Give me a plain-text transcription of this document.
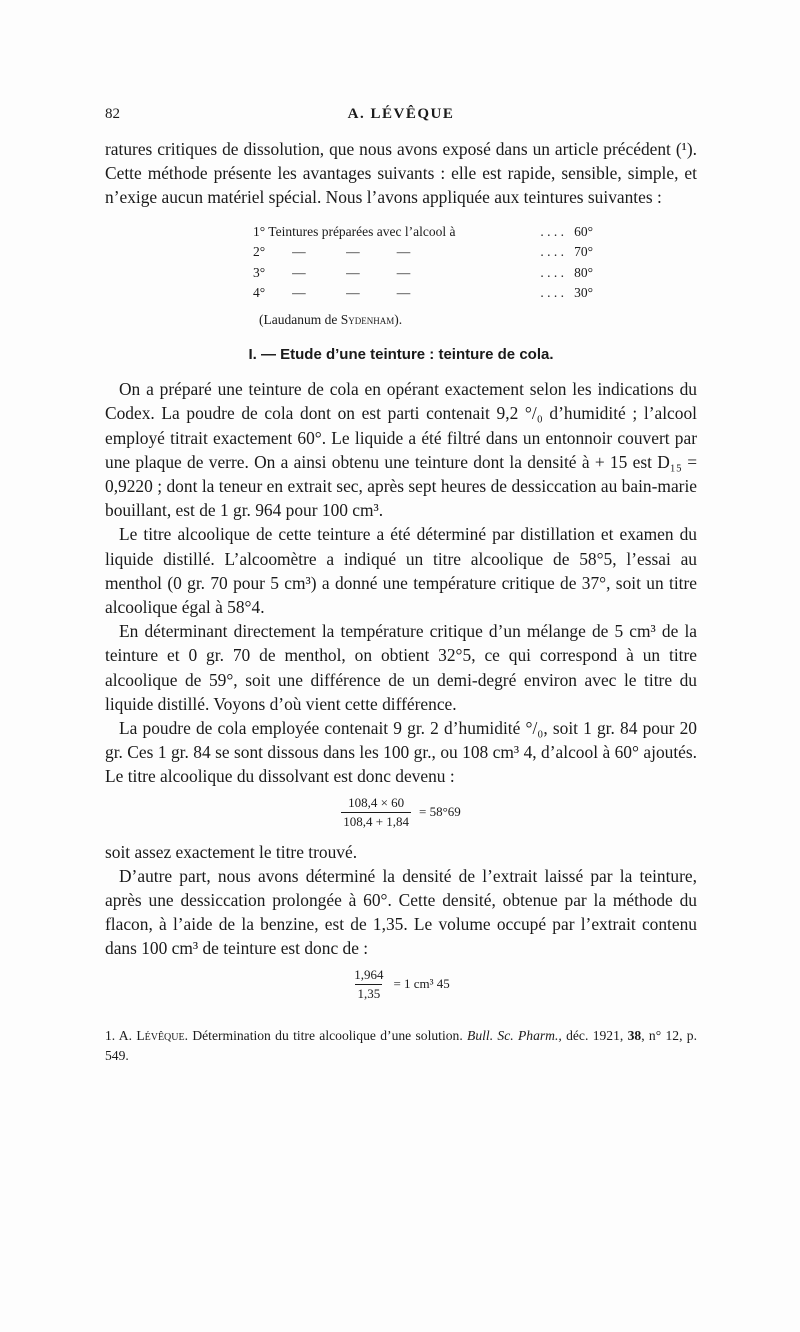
82	A. LÉVÊQUE

ratures critiques de dissolution, que nous avons exposé dans un article précédent (¹). Cette méthode présente les avantages suivants : elle est rapide, sensible, simple, et n’exige aucun matériel spécial. Nous l’avons appliquée aux teintures suivantes :

1° Teintures préparées avec l’alcool à	. . . .   60°
2°        —            —           —	. . . .   70°
3°        —            —           —	. . . .   80°
4°        —            —           —	. . . .   30°
(Laudanum de Sydenham).
I. — Etude d’une teinture : teinture de cola.

On a préparé une teinture de cola en opérant exactement selon les indications du Codex. La poudre de cola dont on est parti contenait 9,2 °/₀ d’humidité ; l’alcool employé titrait exactement 60°. Le liquide a été filtré dans un entonnoir couvert par une plaque de verre. On a ainsi obtenu une teinture dont la densité à + 15 est D₁₅ = 0,9220 ; dont la teneur en extrait sec, après sept heures de dessiccation au bain-marie bouillant, est de 1 gr. 964 pour 100 cm³.

Le titre alcoolique de cette teinture a été déterminé par distillation et examen du liquide distillé. L’alcoomètre a indiqué un titre alcoolique de 58°5, l’essai au menthol (0 gr. 70 pour 5 cm³) a donné une température critique de 37°, soit un titre alcoolique égal à 58°4.

En déterminant directement la température critique d’un mélange de 5 cm³ de la teinture et 0 gr. 70 de menthol, on obtient 32°5, ce qui correspond à un titre alcoolique de 59°, soit une différence de un demi-degré environ avec le titre du liquide distillé. Voyons d’où vient cette différence.

La poudre de cola employée contenait 9 gr. 2 d’humidité °/₀, soit 1 gr. 84 pour 20 gr. Ces 1 gr. 84 se sont dissous dans les 100 gr., ou 108 cm³ 4, d’alcool à 60° ajoutés. Le titre alcoolique du dissolvant est donc devenu :

$\frac{108,4 \times 60}{108,4 + 1,84} = 58^\circ 69$

soit assez exactement le titre trouvé.

D’autre part, nous avons déterminé la densité de l’extrait laissé par la teinture, après une dessiccation prolongée à 60°. Cette densité, obtenue par la méthode du flacon, à l’aide de la benzine, est de 1,35. Le volume occupé par l’extrait contenu dans 100 cm³ de teinture est donc de :

$\frac{1,964}{1,35} = 1$ cm³ 45
1. A. Lévêque. Détermination du titre alcoolique d’une solution. Bull. Sc. Pharm., déc. 1921, 38, n° 12, p. 549.
